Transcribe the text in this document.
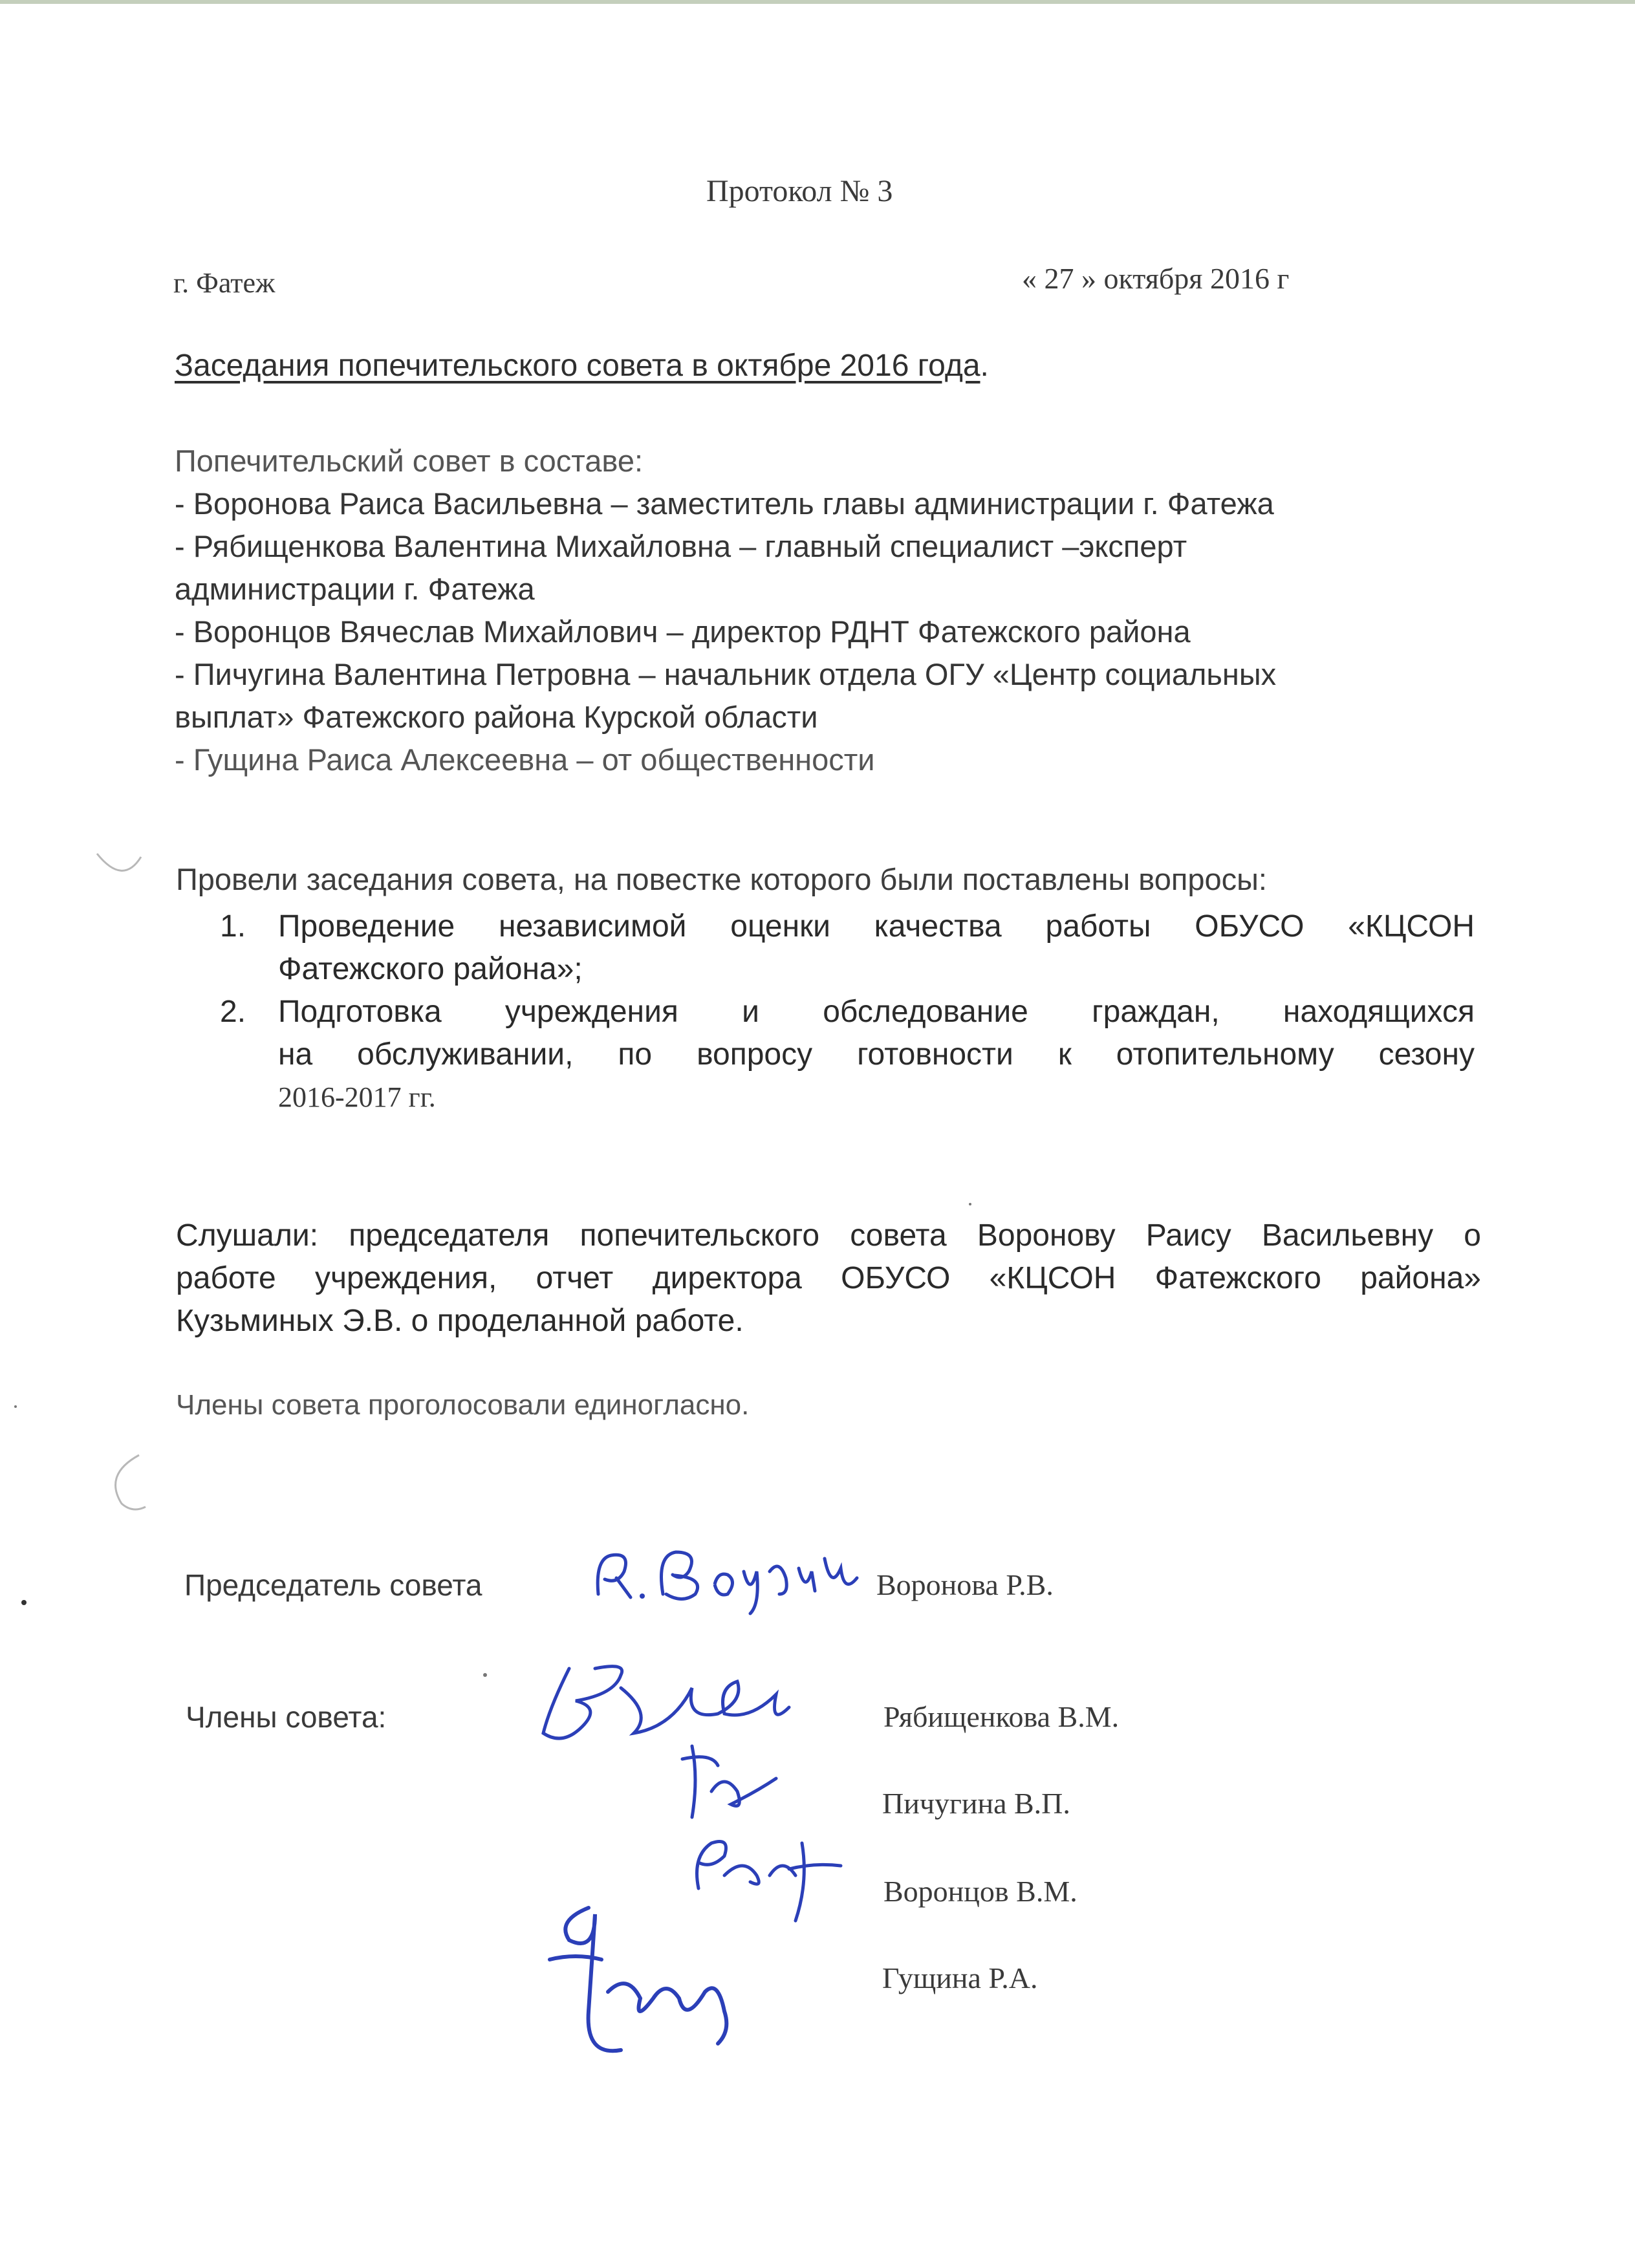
Протокол № 3
г. Фатеж	« 27 » октября 2016 г
Заседания попечительского совета в октябре 2016 года.
Попечительский совет в составе:
- Воронова Раиса Васильевна – заместитель главы администрации г. Фатежа
- Рябищенкова Валентина Михайловна – главный специалист –эксперт
администрации г. Фатежа
- Воронцов Вячеслав Михайлович – директор РДНТ Фатежского района
- Пичугина Валентина Петровна – начальник отдела ОГУ «Центр социальных
выплат» Фатежского района Курской области
- Гущина Раиса Алексеевна – от общественности
Провели заседания совета, на повестке которого были поставлены вопросы:
1. Проведение независимой оценки качества работы ОБУСО «КЦСОН
Фатежского района»;
2. Подготовка учреждения и обследование граждан, находящихся
на обслуживании, по вопросу готовности к отопительному сезону
2016-2017 гг.
Слушали: председателя попечительского совета Воронову Раису Васильевну о
работе учреждения, отчет директора ОБУСО «КЦСОН Фатежского района»
Кузьминых Э.В. о проделанной работе.
Члены совета проголосовали единогласно.
Председатель совета	Воронова Р.В.
Члены совета:	Рябищенкова В.М.
Пичугина В.П.
Воронцов В.М.
Гущина Р.А.
